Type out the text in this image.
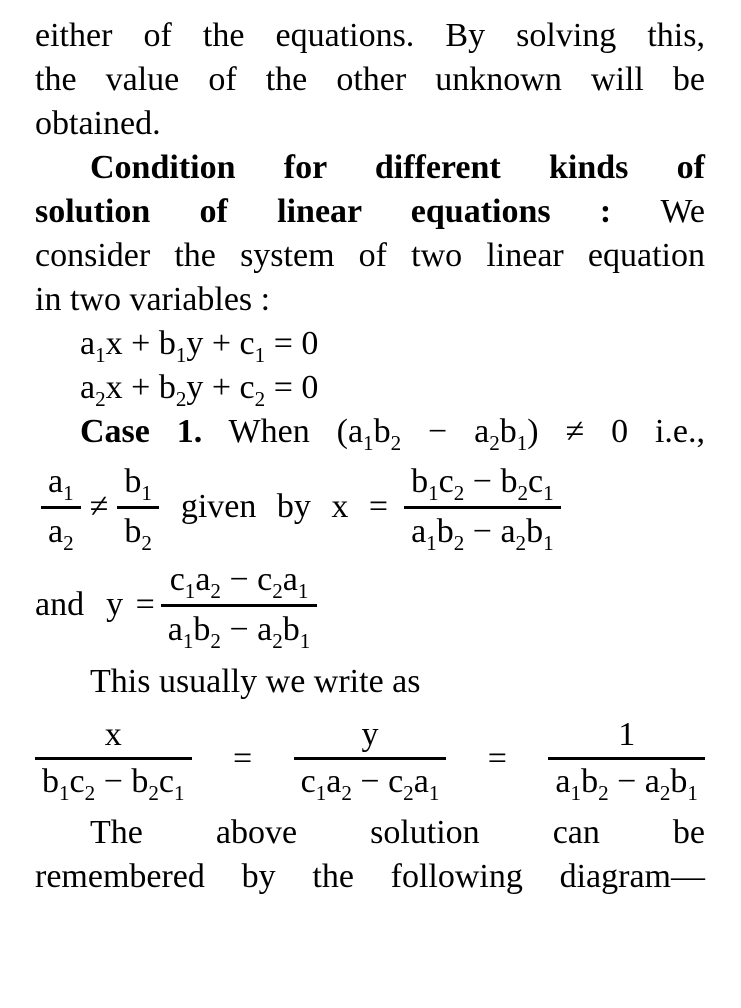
either of the equations. By solving this,
the value of the other unknown will be
obtained.
Condition for different kinds of
solution of linear equations : We
consider the system of two linear equation
in two variables :
$a_1x + b_1y + c_1 = 0$
$a_2x + b_2y + c_2 = 0$
Case 1. When $(a_1b_2 - a_2b_1) \ne 0$ i.e.,
$\frac{a_1}{a_2} \ne \frac{b_1}{b_2}$ given by $x = \frac{b_1c_2 - b_2c_1}{a_1b_2 - a_2b_1}$
and $y = \frac{c_1a_2 - c_2a_1}{a_1b_2 - a_2b_1}$
This usually we write as
$\frac{x}{b_1c_2 - b_2c_1} = \frac{y}{c_1a_2 - c_2a_1} = \frac{1}{a_1b_2 - a_2b_1}$
The above solution can be
remembered by the following diagram—
